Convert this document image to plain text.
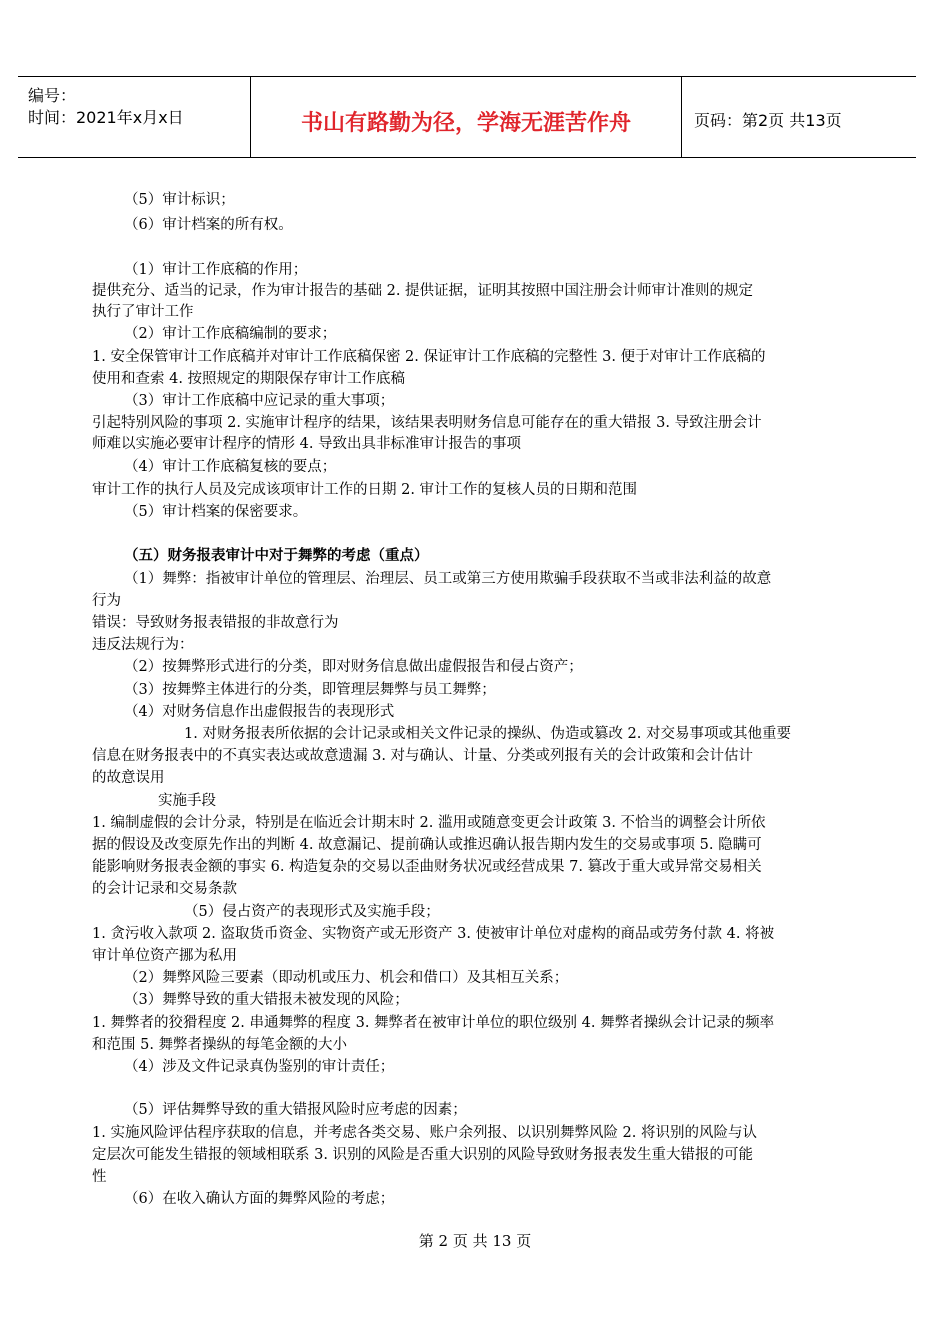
编号：
时间：2021年x月x日	书山有路勤为径，学海无涯苦作舟	页码：第2页 共13页
（5）审计标识；
（6）审计档案的所有权。
（1）审计工作底稿的作用；
提供充分、适当的记录，作为审计报告的基础 2. 提供证据，证明其按照中国注册会计师审计准则的规定
执行了审计工作
（2）审计工作底稿编制的要求；
1. 安全保管审计工作底稿并对审计工作底稿保密 2. 保证审计工作底稿的完整性 3. 便于对审计工作底稿的
使用和查索 4. 按照规定的期限保存审计工作底稿
（3）审计工作底稿中应记录的重大事项；
引起特别风险的事项 2. 实施审计程序的结果，该结果表明财务信息可能存在的重大错报 3. 导致注册会计
师难以实施必要审计程序的情形 4. 导致出具非标准审计报告的事项
（4）审计工作底稿复核的要点；
审计工作的执行人员及完成该项审计工作的日期 2. 审计工作的复核人员的日期和范围
（5）审计档案的保密要求。
（五）财务报表审计中对于舞弊的考虑（重点）
（1）舞弊：指被审计单位的管理层、治理层、员工或第三方使用欺骗手段获取不当或非法利益的故意
行为
错误：导致财务报表错报的非故意行为
违反法规行为：
（2）按舞弊形式进行的分类，即对财务信息做出虚假报告和侵占资产；
（3）按舞弊主体进行的分类，即管理层舞弊与员工舞弊；
（4）对财务信息作出虚假报告的表现形式
1. 对财务报表所依据的会计记录或相关文件记录的操纵、伪造或篡改 2. 对交易事项或其他重要
信息在财务报表中的不真实表达或故意遗漏 3. 对与确认、计量、分类或列报有关的会计政策和会计估计
的故意误用
实施手段
1. 编制虚假的会计分录，特别是在临近会计期末时 2. 滥用或随意变更会计政策 3. 不恰当的调整会计所依
据的假设及改变原先作出的判断 4. 故意漏记、提前确认或推迟确认报告期内发生的交易或事项 5. 隐瞒可
能影响财务报表金额的事实 6. 构造复杂的交易以歪曲财务状况或经营成果 7. 篡改于重大或异常交易相关
的会计记录和交易条款
（5）侵占资产的表现形式及实施手段；
1. 贪污收入款项 2. 盗取货币资金、实物资产或无形资产 3. 使被审计单位对虚构的商品或劳务付款 4. 将被
审计单位资产挪为私用
（2）舞弊风险三要素（即动机或压力、机会和借口）及其相互关系；
（3）舞弊导致的重大错报未被发现的风险；
1. 舞弊者的狡猾程度 2. 串通舞弊的程度 3. 舞弊者在被审计单位的职位级别 4. 舞弊者操纵会计记录的频率
和范围 5. 舞弊者操纵的每笔金额的大小
（4）涉及文件记录真伪鉴别的审计责任；
（5）评估舞弊导致的重大错报风险时应考虑的因素；
1. 实施风险评估程序获取的信息，并考虑各类交易、账户余列报、以识别舞弊风险 2. 将识别的风险与认
定层次可能发生错报的领域相联系 3. 识别的风险是否重大识别的风险导致财务报表发生重大错报的可能
性
（6）在收入确认方面的舞弊风险的考虑；
第 2 页 共 13 页
